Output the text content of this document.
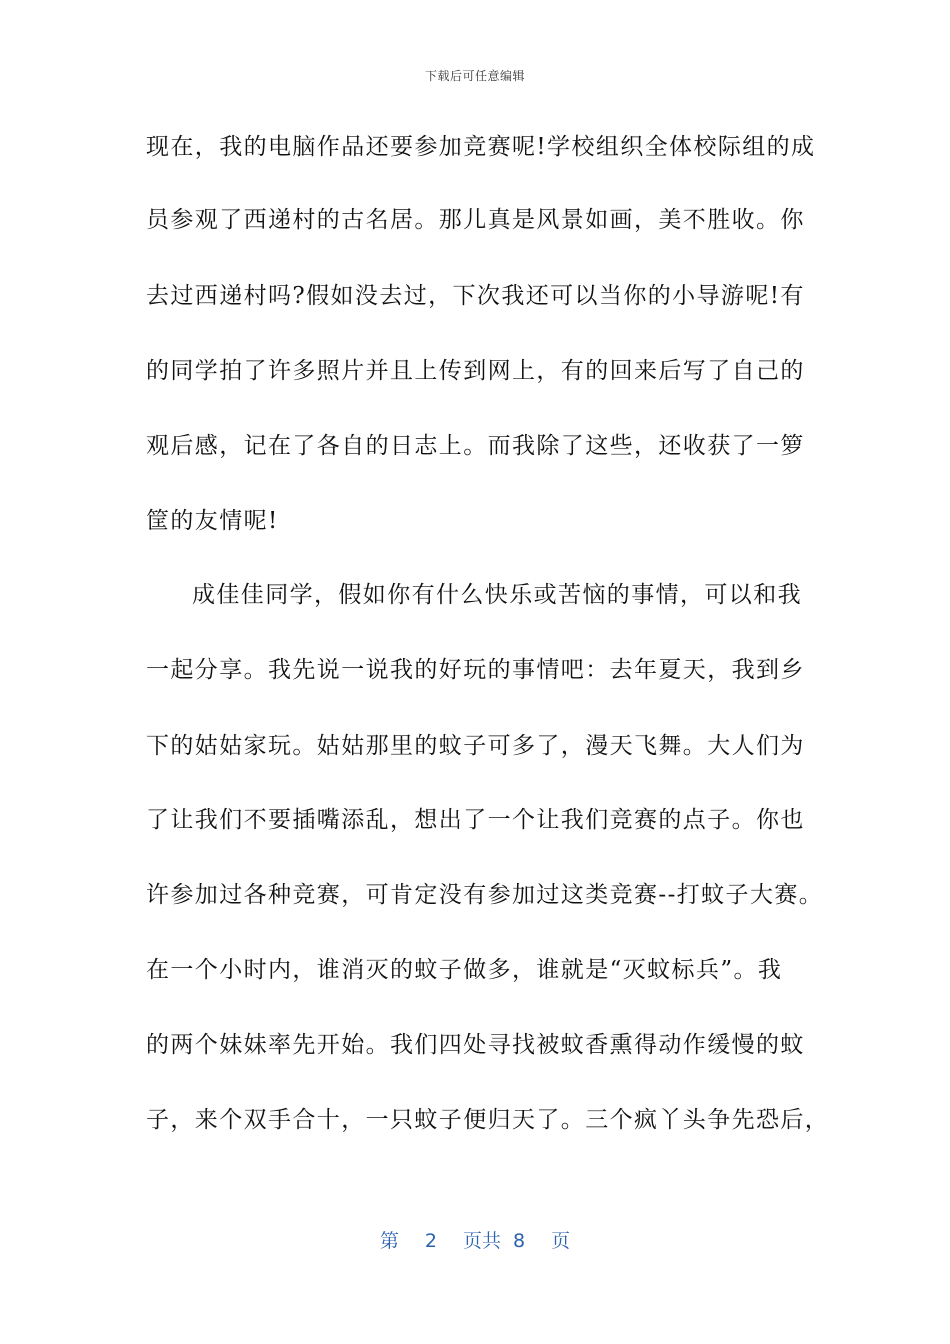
下载后可任意编辑
现在，我的电脑作品还要参加竞赛呢!学校组织全体校际组的成
员参观了西递村的古名居。那儿真是风景如画，美不胜收。你
去过西递村吗?假如没去过，下次我还可以当你的小导游呢!有
的同学拍了许多照片并且上传到网上，有的回来后写了自己的
观后感，记在了各自的日志上。而我除了这些，还收获了一箩
筐的友情呢!
成佳佳同学，假如你有什么快乐或苦恼的事情，可以和我
一起分享。我先说一说我的好玩的事情吧：去年夏天，我到乡
下的姑姑家玩。姑姑那里的蚊子可多了，漫天飞舞。大人们为
了让我们不要插嘴添乱，想出了一个让我们竞赛的点子。你也
许参加过各种竞赛，可肯定没有参加过这类竞赛--打蚊子大赛。
在一个小时内，谁消灭的蚊子做多，谁就是“灭蚊标兵”。我
的两个妹妹率先开始。我们四处寻找被蚊香熏得动作缓慢的蚊
子，来个双手合十，一只蚊子便归天了。三个疯丫头争先恐后，
第 2 页共 8 页
